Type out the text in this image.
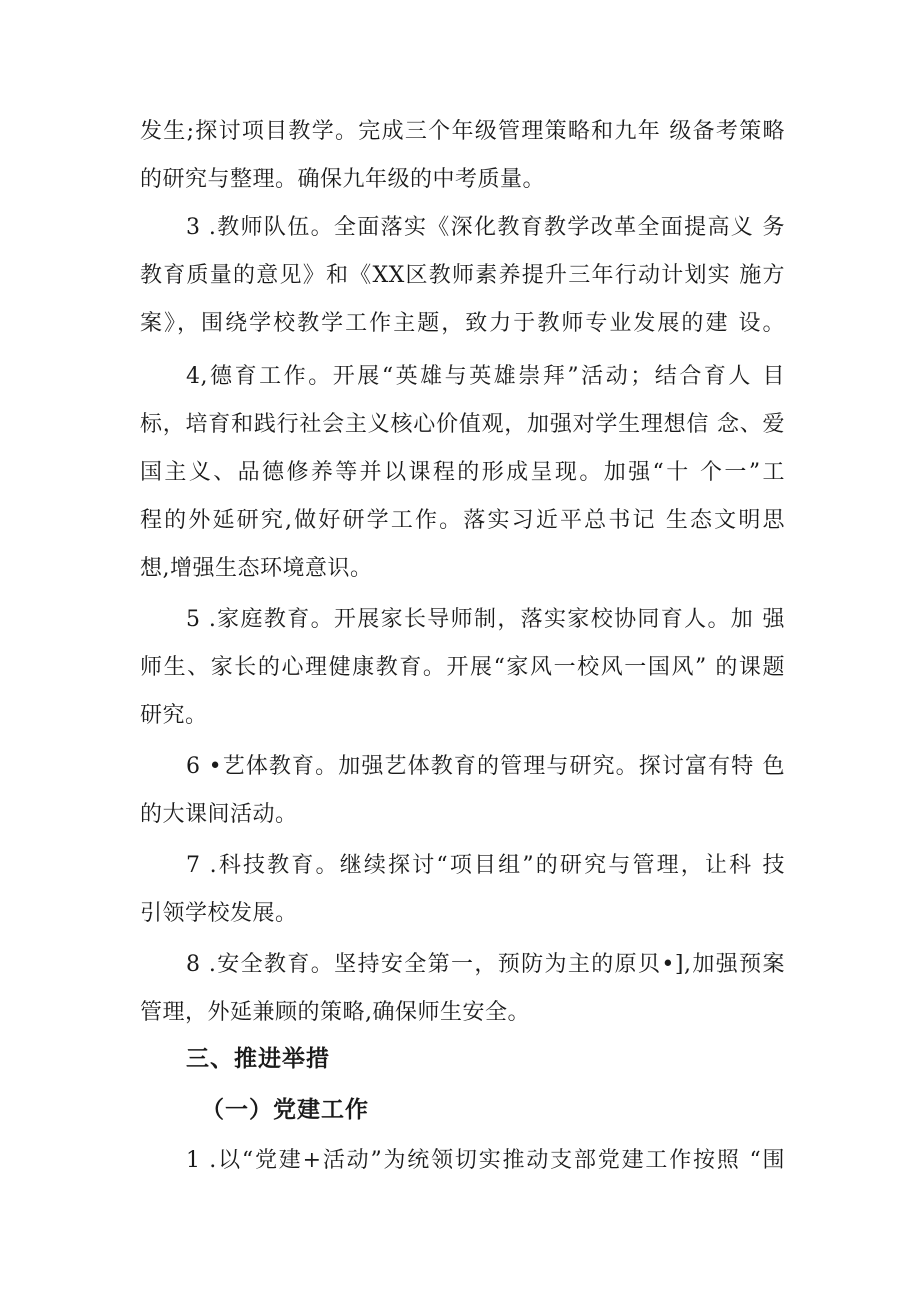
发生;探讨项目教学。完成三个年级管理策略和九年 级备考策略
的研究与整理。确保九年级的中考质量。
3 .教师队伍。全面落实《深化教育教学改革全面提高义 务
教育质量的意见》和《XX区教师素养提升三年行动计划实 施方
案》，围绕学校教学工作主题，致力于教师专业发展的建 设。
4,德育工作。开展“英雄与英雄崇拜”活动；结合育人 目
标，培育和践行社会主义核心价值观，加强对学生理想信 念、爱
国主义、品德修养等并以课程的形成呈现。加强“十 个一”工
程的外延研究,做好研学工作。落实习近平总书记 生态文明思
想,增强生态环境意识。
5 .家庭教育。开展家长导师制，落实家校协同育人。加 强
师生、家长的心理健康教育。开展“家风一校风一国风” 的课题
研究。
6 •艺体教育。加强艺体教育的管理与研究。探讨富有特 色
的大课间活动。
7 .科技教育。继续探讨“项目组”的研究与管理，让科 技
引领学校发展。
8 .安全教育。坚持安全第一，预防为主的原贝•],加强预案
管理，外延兼顾的策略,确保师生安全。
三、推进举措
（一）党建工作
1 .以“党建+活动”为统领切实推动支部党建工作按照 “围
